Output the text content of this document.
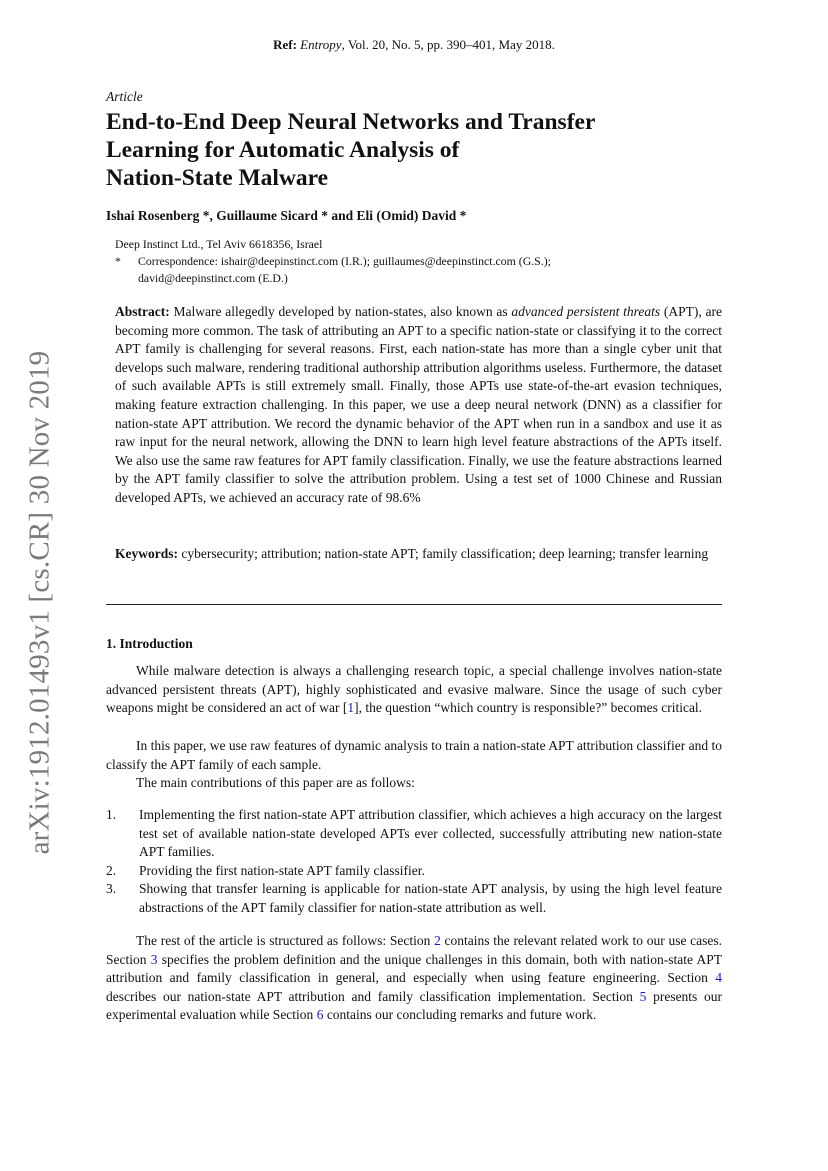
Ref: Entropy, Vol. 20, No. 5, pp. 390–401, May 2018.
arXiv:1912.01493v1 [cs.CR] 30 Nov 2019
Article
End-to-End Deep Neural Networks and Transfer
Learning for Automatic Analysis of
Nation-State Malware
Ishai Rosenberg *, Guillaume Sicard * and Eli (Omid) David *
Deep Instinct Ltd., Tel Aviv 6618356, Israel
*	Correspondence: ishair@deepinstinct.com (I.R.); guillaumes@deepinstinct.com (G.S.);
david@deepinstinct.com (E.D.)

Abstract: Malware allegedly developed by nation-states, also known as advanced persistent threats (APT), are becoming more common. The task of attributing an APT to a specific nation-state or classifying it to the correct APT family is challenging for several reasons. First, each nation-state has more than a single cyber unit that develops such malware, rendering traditional authorship attribution algorithms useless. Furthermore, the dataset of such available APTs is still extremely small. Finally, those APTs use state-of-the-art evasion techniques, making feature extraction challenging. In this paper, we use a deep neural network (DNN) as a classifier for nation-state APT attribution. We record the dynamic behavior of the APT when run in a sandbox and use it as raw input for the neural network, allowing the DNN to learn high level feature abstractions of the APTs itself. We also use the same raw features for APT family classification. Finally, we use the feature abstractions learned by the APT family classifier to solve the attribution problem. Using a test set of 1000 Chinese and Russian developed APTs, we achieved an accuracy rate of 98.6%

Keywords: cybersecurity; attribution; nation-state APT; family classification; deep learning; transfer learning

1. Introduction

While malware detection is always a challenging research topic, a special challenge involves nation-state advanced persistent threats (APT), highly sophisticated and evasive malware. Since the usage of such cyber weapons might be considered an act of war [1], the question “which country is responsible?” becomes critical.

In this paper, we use raw features of dynamic analysis to train a nation-state APT attribution classifier and to classify the APT family of each sample.

The main contributions of this paper are as follows:

1.	Implementing the first nation-state APT attribution classifier, which achieves a high accuracy on the largest test set of available nation-state developed APTs ever collected, successfully attributing new nation-state APT families.
2.	Providing the first nation-state APT family classifier.
3.	Showing that transfer learning is applicable for nation-state APT analysis, by using the high level feature abstractions of the APT family classifier for nation-state attribution as well.

The rest of the article is structured as follows: Section 2 contains the relevant related work to our use cases. Section 3 specifies the problem definition and the unique challenges in this domain, both with nation-state APT attribution and family classification in general, and especially when using feature engineering. Section 4 describes our nation-state APT attribution and family classification implementation. Section 5 presents our experimental evaluation while Section 6 contains our concluding remarks and future work.
